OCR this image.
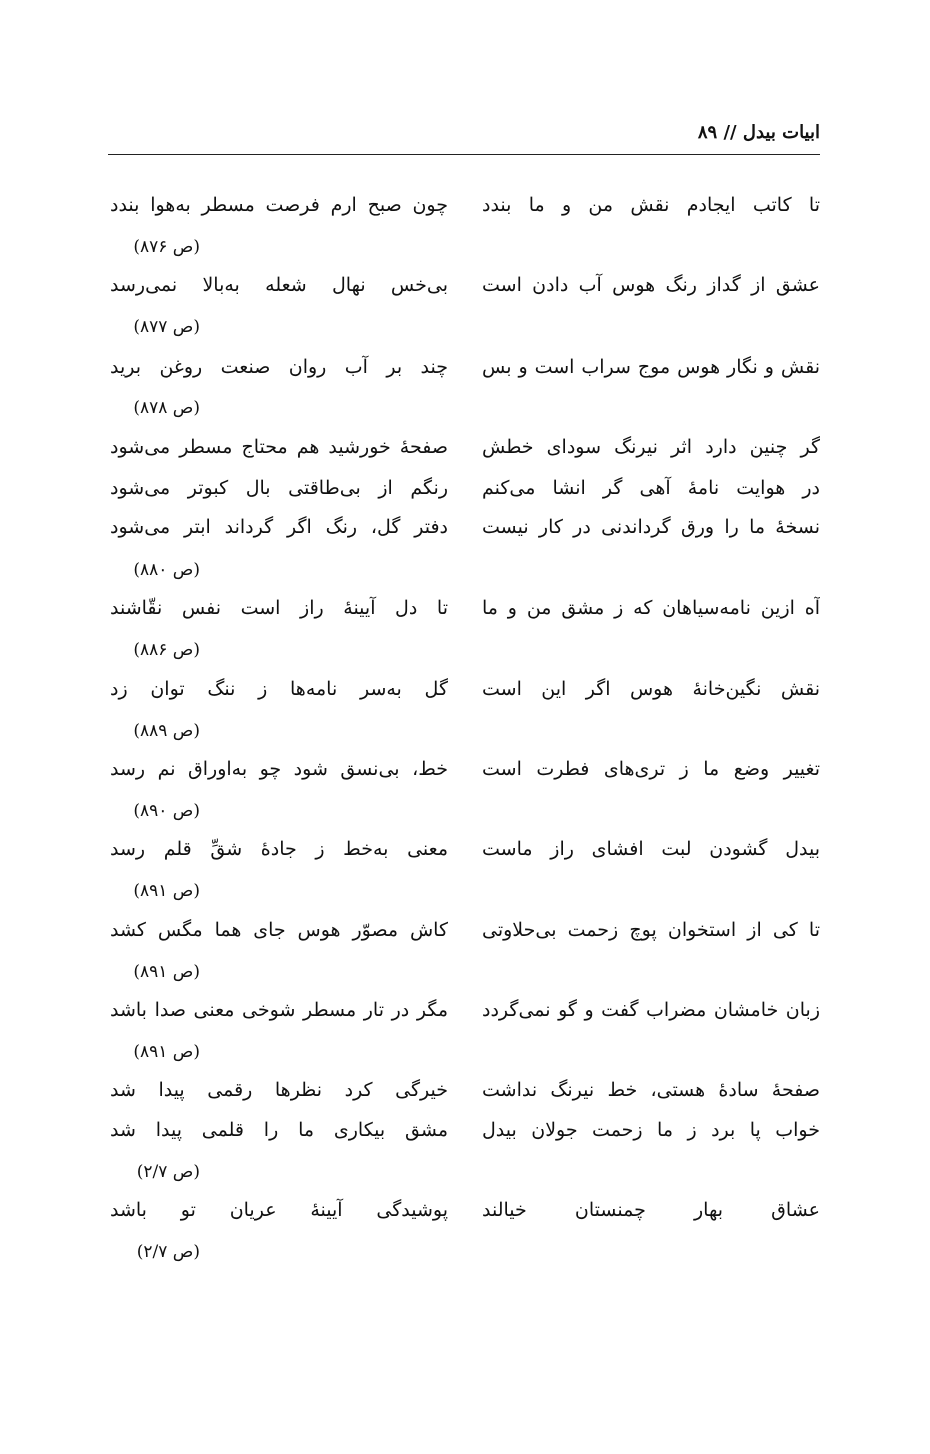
ابیات بیدل // ۸۹
تا کاتب ایجادم نقش من و ما بندد
چون صبح ارم فرصت مسطر به‌هوا بندد
(ص ۸۷۶)
عشق از گداز رنگ هوس آب دادن است
بی‌خس نهال شعله به‌بالا نمی‌رسد
(ص ۸۷۷)
نقش و نگار هوس موج سراب است و بس
چند بر آب روان صنعت روغن برید
(ص ۸۷۸)
گر چنین دارد اثر نیرنگ سودای خطش
صفحهٔ خورشید هم محتاج مسطر می‌شود
در هوایت نامهٔ آهی گر انشا می‌کنم
رنگم از بی‌طاقتی بال کبوتر می‌شود
نسخهٔ ما را ورق گرداندنی در کار نیست
دفتر گل، رنگ اگر گرداند ابتر می‌شود
(ص ۸۸۰)
آه ازین نامه‌سیاهان که ز مشق من و ما
تا دل آیینهٔ راز است نفس نقّاشند
(ص ۸۸۶)
نقش نگین‌خانهٔ هوس اگر این است
گل به‌سر نامه‌ها ز ننگ توان زد
(ص ۸۸۹)
تغییر وضع ما ز تری‌های فطرت است
خط، بی‌نسق شود چو به‌اوراق نم رسد
(ص ۸۹۰)
بیدل گشودن لبت افشای راز ماست
معنی به‌خط ز جادهٔ شقِّ قلم رسد
(ص ۸۹۱)
تا کی از استخوان پوچ زحمت بی‌حلاوتی
کاش مصوّر هوس جای هما مگس کشد
(ص ۸۹۱)
زبان خامشان مضراب گفت و گو نمی‌گردد
مگر در تار مسطر شوخی معنی صدا باشد
(ص ۸۹۱)
صفحهٔ سادهٔ هستی، خط نیرنگ نداشت
خیرگی کرد نظرها رقمی پیدا شد
خواب پا برد ز ما زحمت جولان بیدل
مشق بیکاری ما را قلمی پیدا شد
(ص ۲/۷)
عشاق بهار چمنستان خیالند
پوشیدگی آیینهٔ عریان تو باشد
(ص ۲/۷)
